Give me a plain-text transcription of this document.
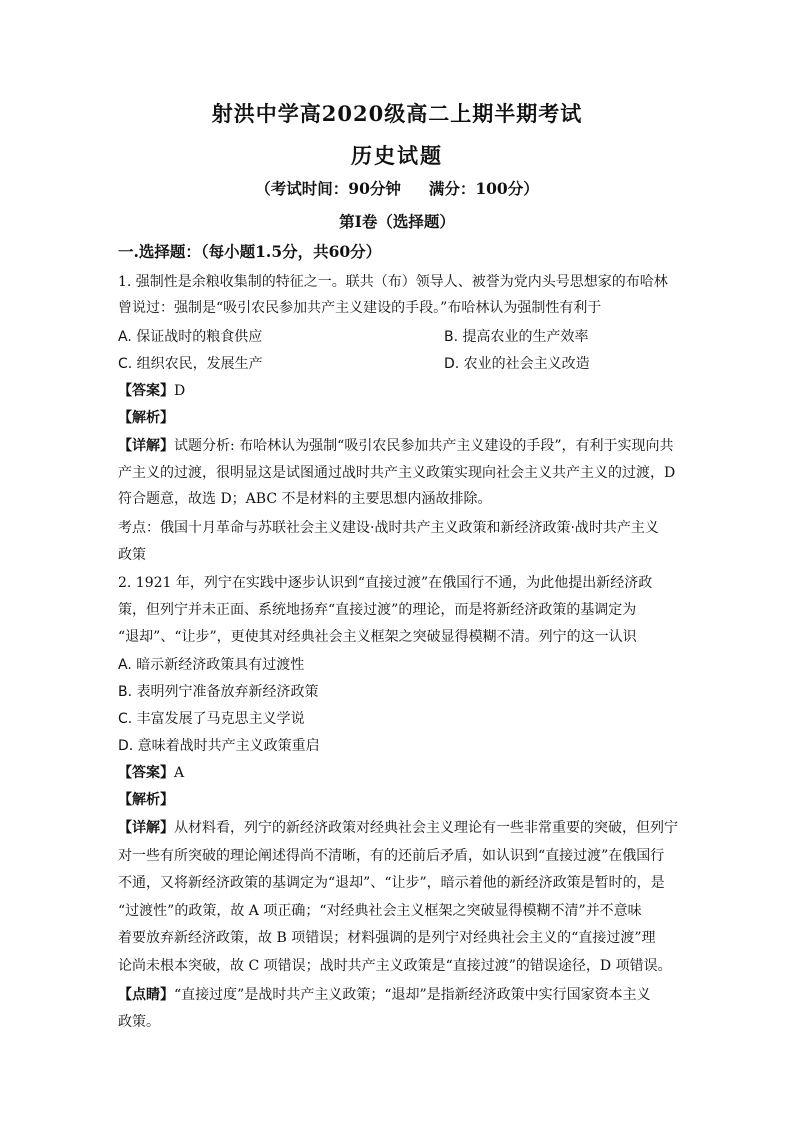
射洪中学高2020级高二上期半期考试
历史试题
（考试时间：90分钟 满分：100分）
第Ⅰ卷（选择题）
一.选择题：（每小题1.5分，共60分）
1. 强制性是余粮收集制的特征之一。联共（布）领导人、被誉为党内头号思想家的布哈林
曾说过：强制是“吸引农民参加共产主义建设的手段。”布哈林认为强制性有利于
A. 保证战时的粮食供应	B. 提高农业的生产效率
C. 组织农民，发展生产	D. 农业的社会主义改造
【答案】D
【解析】
【详解】试题分析: 布哈林认为强制“吸引农民参加共产主义建设的手段”，有利于实现向共
产主义的过渡，很明显这是试图通过战时共产主义政策实现向社会主义共产主义的过渡，D
符合题意，故选 D；ABC 不是材料的主要思想内涵故排除。
考点：俄国十月革命与苏联社会主义建设·战时共产主义政策和新经济政策·战时共产主义
政策
2. 1921 年，列宁在实践中逐步认识到“直接过渡”在俄国行不通，为此他提出新经济政
策，但列宁并未正面、系统地扬弃“直接过渡”的理论，而是将新经济政策的基调定为
“退却”、“让步”，更使其对经典社会主义框架之突破显得模糊不清。列宁的这一认识
A. 暗示新经济政策具有过渡性
B. 表明列宁准备放弃新经济政策
C. 丰富发展了马克思主义学说
D. 意味着战时共产主义政策重启
【答案】A
【解析】
【详解】从材料看，列宁的新经济政策对经典社会主义理论有一些非常重要的突破，但列宁
对一些有所突破的理论阐述得尚不清晰，有的还前后矛盾，如认识到“直接过渡”在俄国行
不通，又将新经济政策的基调定为“退却”、“让步”，暗示着他的新经济政策是暂时的，是
“过渡性”的政策，故 A 项正确；“对经典社会主义框架之突破显得模糊不清”并不意味
着要放弃新经济政策，故 B 项错误；材料强调的是列宁对经典社会主义的“直接过渡”理
论尚未根本突破，故 C 项错误；战时共产主义政策是“直接过渡”的错误途径，D 项错误。
【点睛】“直接过度”是战时共产主义政策；“退却”是指新经济政策中实行国家资本主义
政策。
